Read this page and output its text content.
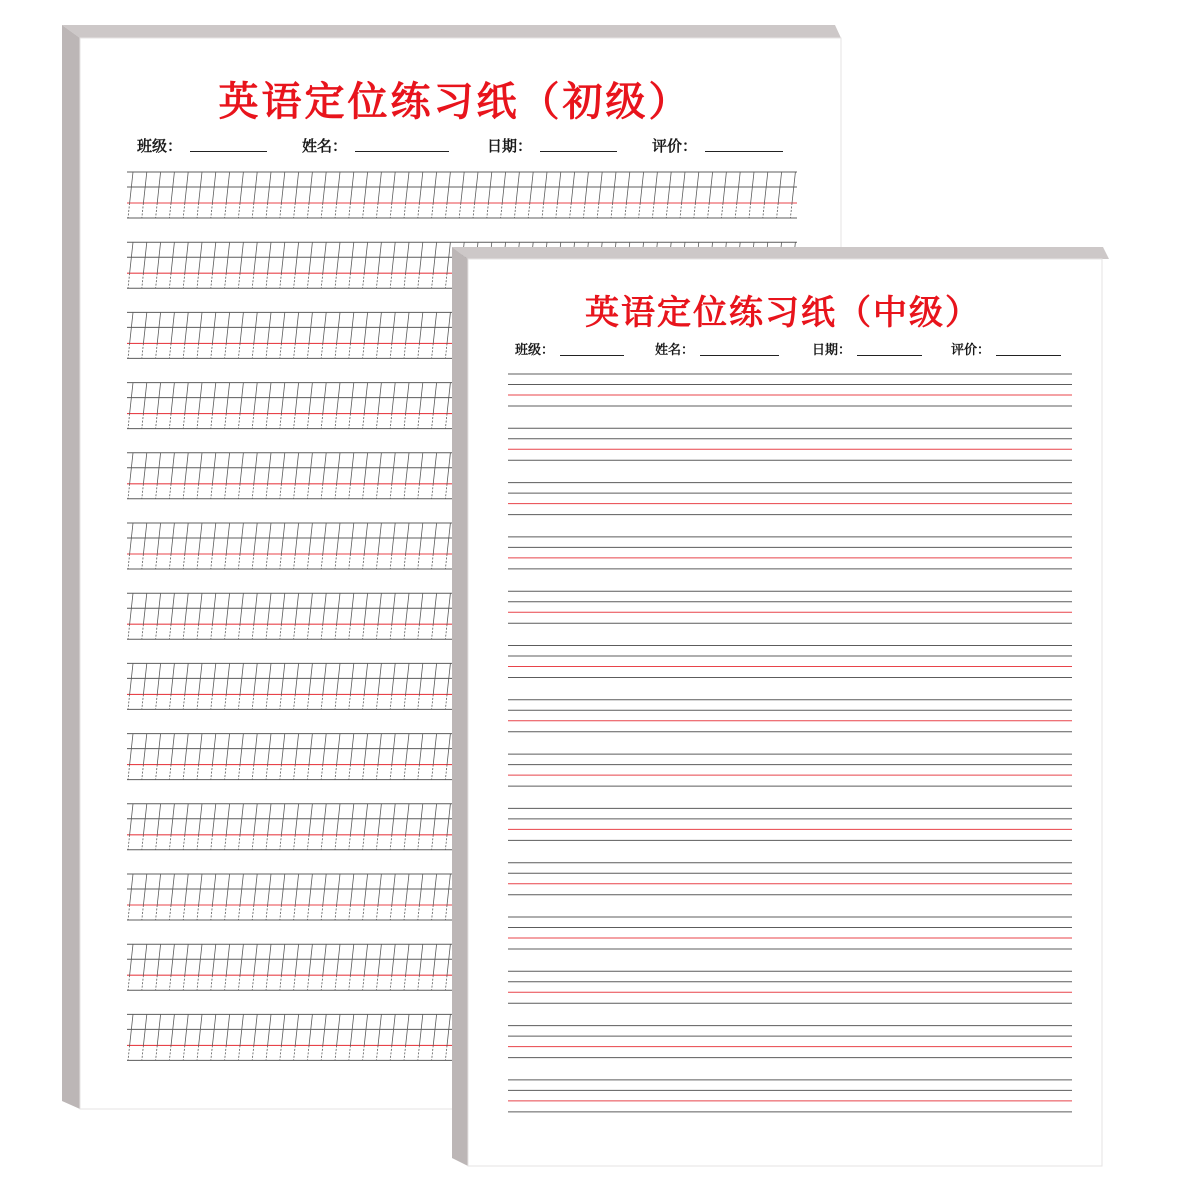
英语定位练习纸（初级）
班级：	姓名：	日期：	评价：
英语定位练习纸（中级）
班级：	姓名：	日期：	评价：
